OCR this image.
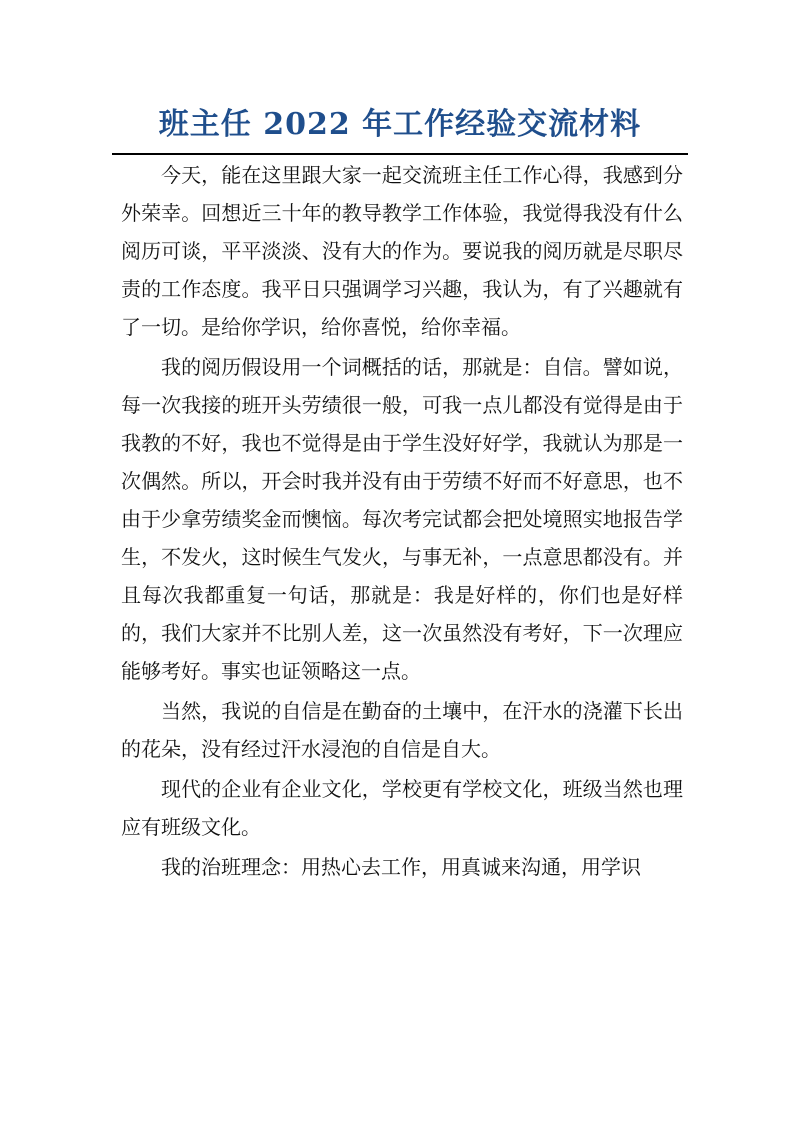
班主任 2022 年工作经验交流材料

今天，能在这里跟大家一起交流班主任工作心得，我感到分外荣幸。回想近三十年的教导教学工作体验，我觉得我没有什么阅历可谈，平平淡淡、没有大的作为。要说我的阅历就是尽职尽责的工作态度。我平日只强调学习兴趣，我认为，有了兴趣就有了一切。是给你学识，给你喜悦，给你幸福。

我的阅历假设用一个词概括的话，那就是：自信。譬如说，每一次我接的班开头劳绩很一般，可我一点儿都没有觉得是由于我教的不好，我也不觉得是由于学生没好好学，我就认为那是一次偶然。所以，开会时我并没有由于劳绩不好而不好意思，也不由于少拿劳绩奖金而懊恼。每次考完试都会把处境照实地报告学生，不发火，这时候生气发火，与事无补，一点意思都没有。并且每次我都重复一句话，那就是：我是好样的，你们也是好样的，我们大家并不比别人差，这一次虽然没有考好，下一次理应能够考好。事实也证领略这一点。

当然，我说的自信是在勤奋的土壤中，在汗水的浇灌下长出的花朵，没有经过汗水浸泡的自信是自大。

现代的企业有企业文化，学校更有学校文化，班级当然也理应有班级文化。

我的治班理念：用热心去工作，用真诚来沟通，用学识
